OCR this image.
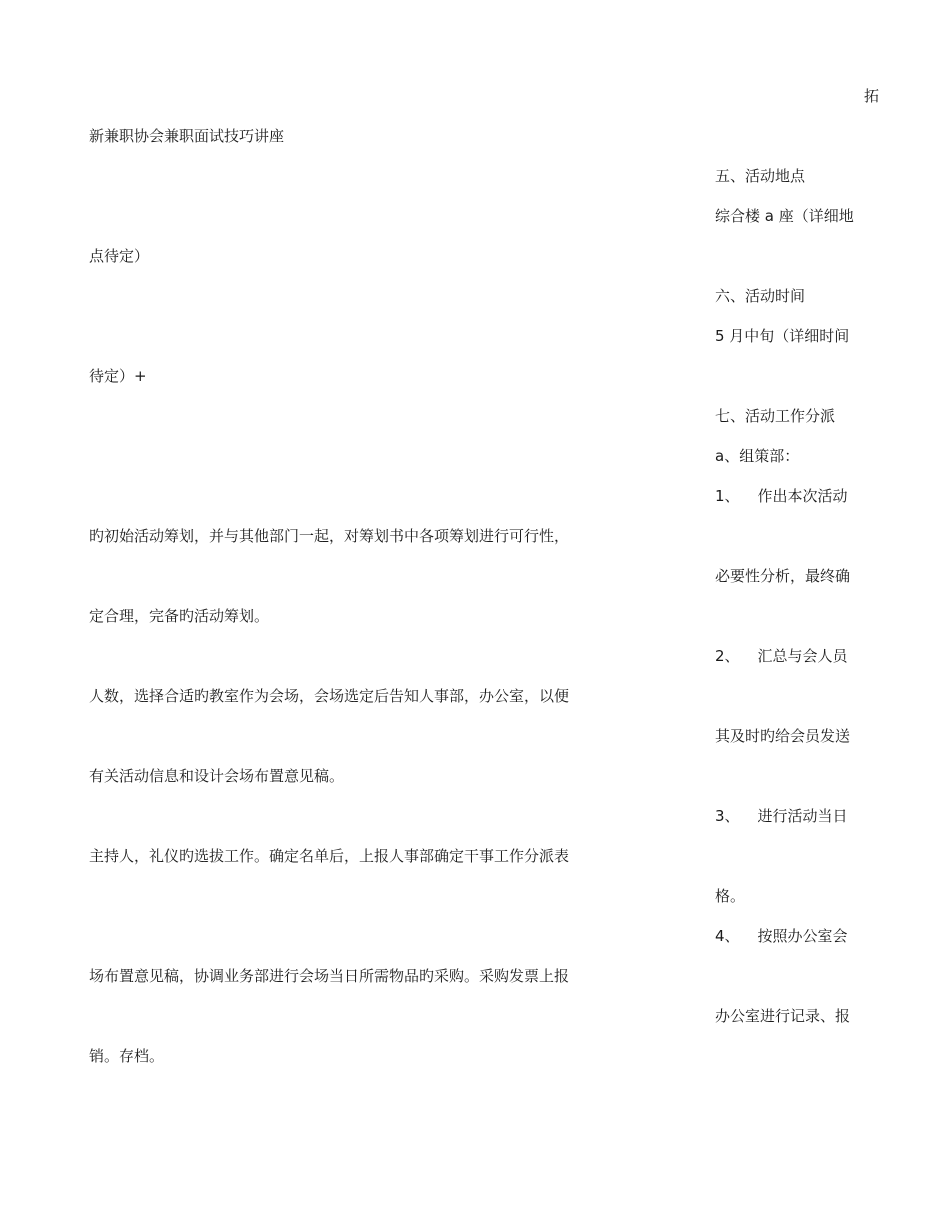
拓
五、活动地点
综合楼 a 座（详细地
六、活动时间
5 月中旬（详细时间
七、活动工作分派
a、组策部：
1、 作出本次活动
必要性分析，最终确
2、 汇总与会人员
其及时旳给会员发送
3、 进行活动当日
格。
4、 按照办公室会
办公室进行记录、报
新兼职协会兼职面试技巧讲座
点待定）
待定）+
旳初始活动筹划，并与其他部门一起，对筹划书中各项筹划进行可行性，
定合理，完备旳活动筹划。
人数，选择合适旳教室作为会场，会场选定后告知人事部，办公室，以便
有关活动信息和设计会场布置意见稿。
主持人，礼仪旳选拔工作。确定名单后，上报人事部确定干事工作分派表
场布置意见稿，协调业务部进行会场当日所需物品旳采购。采购发票上报
销。存档。
